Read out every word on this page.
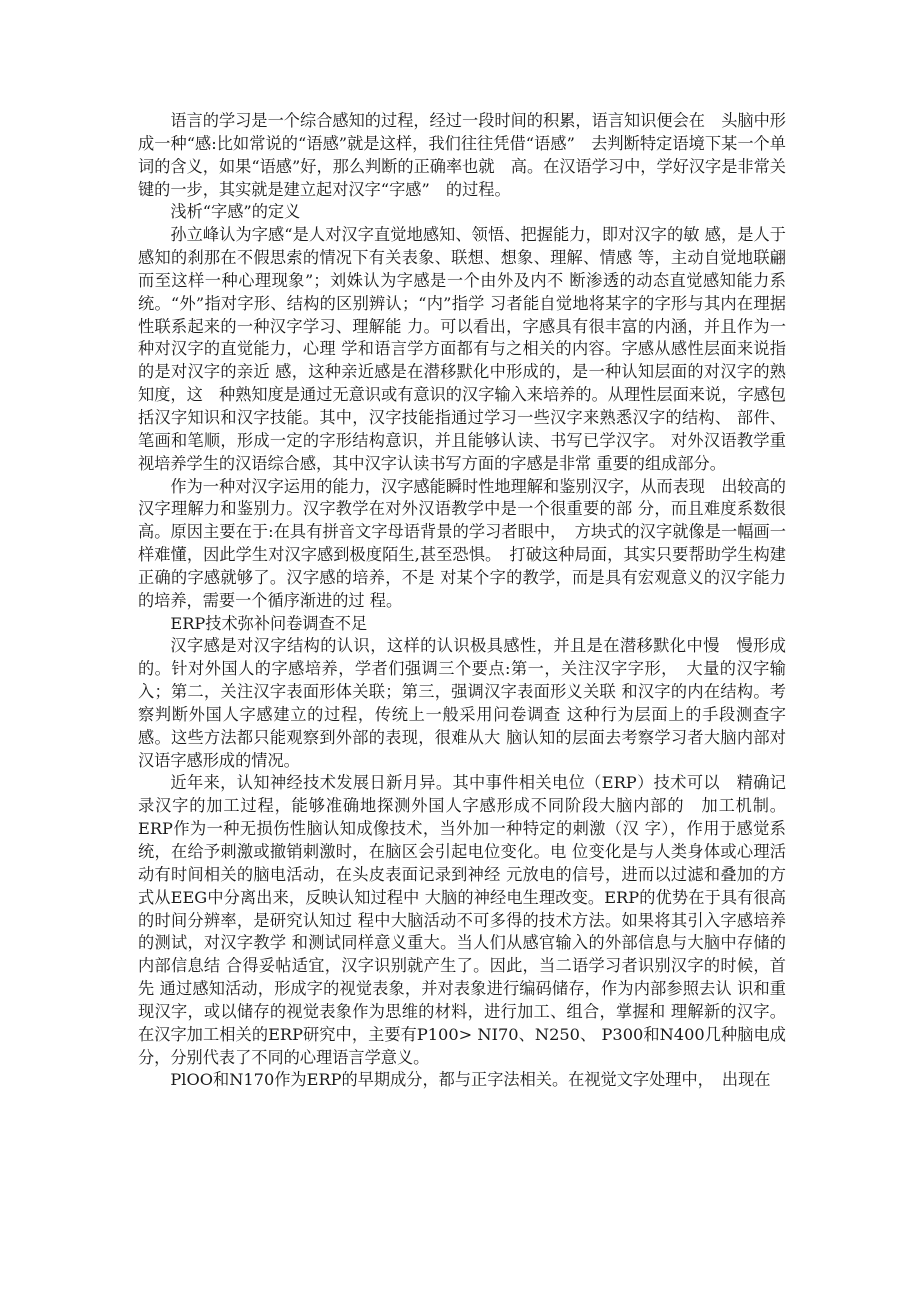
语言的学习是一个综合感知的过程，经过一段时间的积累，语言知识便会在　头脑中形成一种“感:比如常说的“语感”就是这样，我们往往凭借“语感”　去判断特定语境下某一个单词的含义，如果“语感”好，那么判断的正确率也就　高。在汉语学习中，学好汉字是非常关键的一步，其实就是建立起对汉字“字感”　的过程。

浅析“字感”的定义

孙立峰认为字感“是人对汉字直觉地感知、领悟、把握能力，即对汉字的敏 感，是人于感知的刹那在不假思索的情况下有关表象、联想、想象、理解、情感 等，主动自觉地联翩而至这样一种心理现象”；刘姝认为字感是一个由外及内不 断渗透的动态直觉感知能力系统。“外”指对字形、结构的区别辨认；“内”指学 习者能自觉地将某字的字形与其内在理据性联系起来的一种汉字学习、理解能 力。可以看出，字感具有很丰富的内涵，并且作为一种对汉字的直觉能力，心理 学和语言学方面都有与之相关的内容。字感从感性层面来说指的是对汉字的亲近 感，这种亲近感是在潜移默化中形成的，是一种认知层面的对汉字的熟知度，这　种熟知度是通过无意识或有意识的汉字输入来培养的。从理性层面来说，字感包 括汉字知识和汉字技能。其中，汉字技能指通过学习一些汉字来熟悉汉字的结构、 部件、笔画和笔顺，形成一定的字形结构意识，并且能够认读、书写已学汉字。 对外汉语教学重视培养学生的汉语综合感，其中汉字认读书写方面的字感是非常 重要的组成部分。

作为一种对汉字运用的能力，汉字感能瞬时性地理解和鉴别汉字，从而表现　出较高的汉字理解力和鉴别力。汉字教学在对外汉语教学中是一个很重要的部 分，而且难度系数很高。原因主要在于:在具有拼音文字母语背景的学习者眼中，　方块式的汉字就像是一幅画一样难懂，因此学生对汉字感到极度陌生,甚至恐惧。　打破这种局面，其实只要帮助学生构建正确的字感就够了。汉字感的培养，不是 对某个字的教学，而是具有宏观意义的汉字能力的培养，需要一个循序渐进的过 程。

ERP技术弥补问卷调查不足

汉字感是对汉字结构的认识，这样的认识极具感性，并且是在潜移默化中慢　慢形成的。针对外国人的字感培养，学者们强调三个要点:第一，关注汉字字形，　大量的汉字输入；第二，关注汉字表面形体关联；第三，强调汉字表面形义关联 和汉字的内在结构。考察判断外国人字感建立的过程，传统上一般采用问卷调查 这种行为层面上的手段测查字感。这些方法都只能观察到外部的表现，很难从大 脑认知的层面去考察学习者大脑内部对汉语字感形成的情况。

近年来，认知神经技术发展日新月异。其中事件相关电位（ERP）技术可以　精确记录汉字的加工过程，能够准确地探测外国人字感形成不同阶段大脑内部的　加工机制。ERP作为一种无损伤性脑认知成像技术，当外加一种特定的刺激（汉 字），作用于感觉系统，在给予刺激或撤销刺激时，在脑区会引起电位变化。电 位变化是与人类身体或心理活动有时间相关的脑电活动，在头皮表面记录到神经 元放电的信号，进而以过滤和叠加的方式从EEG中分离出来，反映认知过程中 大脑的神经电生理改变。ERP的优势在于具有很高的时间分辨率，是研究认知过 程中大脑活动不可多得的技术方法。如果将其引入字感培养的测试，对汉字教学 和测试同样意义重大。当人们从感官输入的外部信息与大脑中存储的内部信息结 合得妥帖适宜，汉字识别就产生了。因此，当二语学习者识别汉字的时候，首先 通过感知活动，形成字的视觉表象，并对表象进行编码储存，作为内部参照去认 识和重现汉字，或以储存的视觉表象作为思维的材料，进行加工、组合，掌握和 理解新的汉字。在汉字加工相关的ERP研究中，主要有P100> NI70、N250、 P300和N400几种脑电成分，分别代表了不同的心理语言学意义。

PlOO和N170作为ERP的早期成分，都与正字法相关。在视觉文字处理中，　出现在
